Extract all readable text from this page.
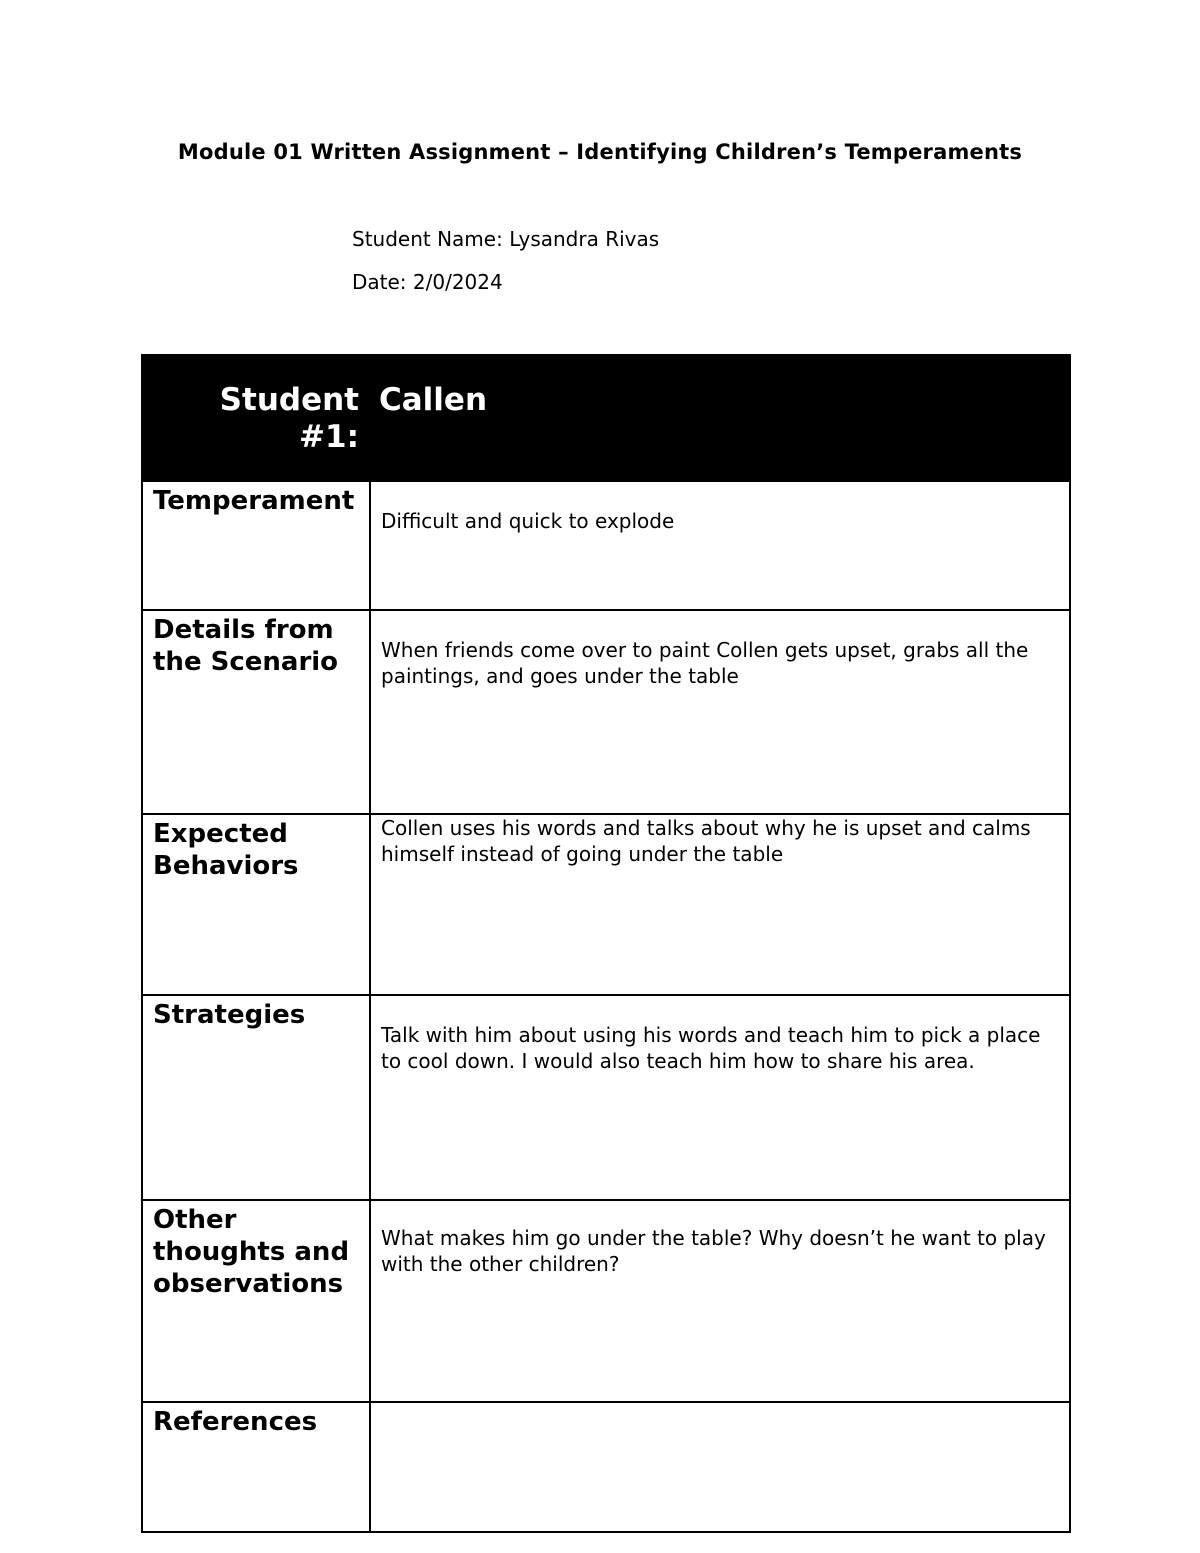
Module 01 Written Assignment – Identifying Children’s Temperaments
Student Name: Lysandra Rivas
Date: 2/0/2024
Student #1:	Callen
Temperament	Difficult and quick to explode
Details from the Scenario	When friends come over to paint Collen gets upset, grabs all the paintings, and goes under the table
Expected Behaviors	Collen uses his words and talks about why he is upset and calms himself instead of going under the table
Strategies	Talk with him about using his words and teach him to pick a place to cool down. I would also teach him how to share his area.
Other thoughts and observations	What makes him go under the table? Why doesn’t he want to play with the other children?
References	
